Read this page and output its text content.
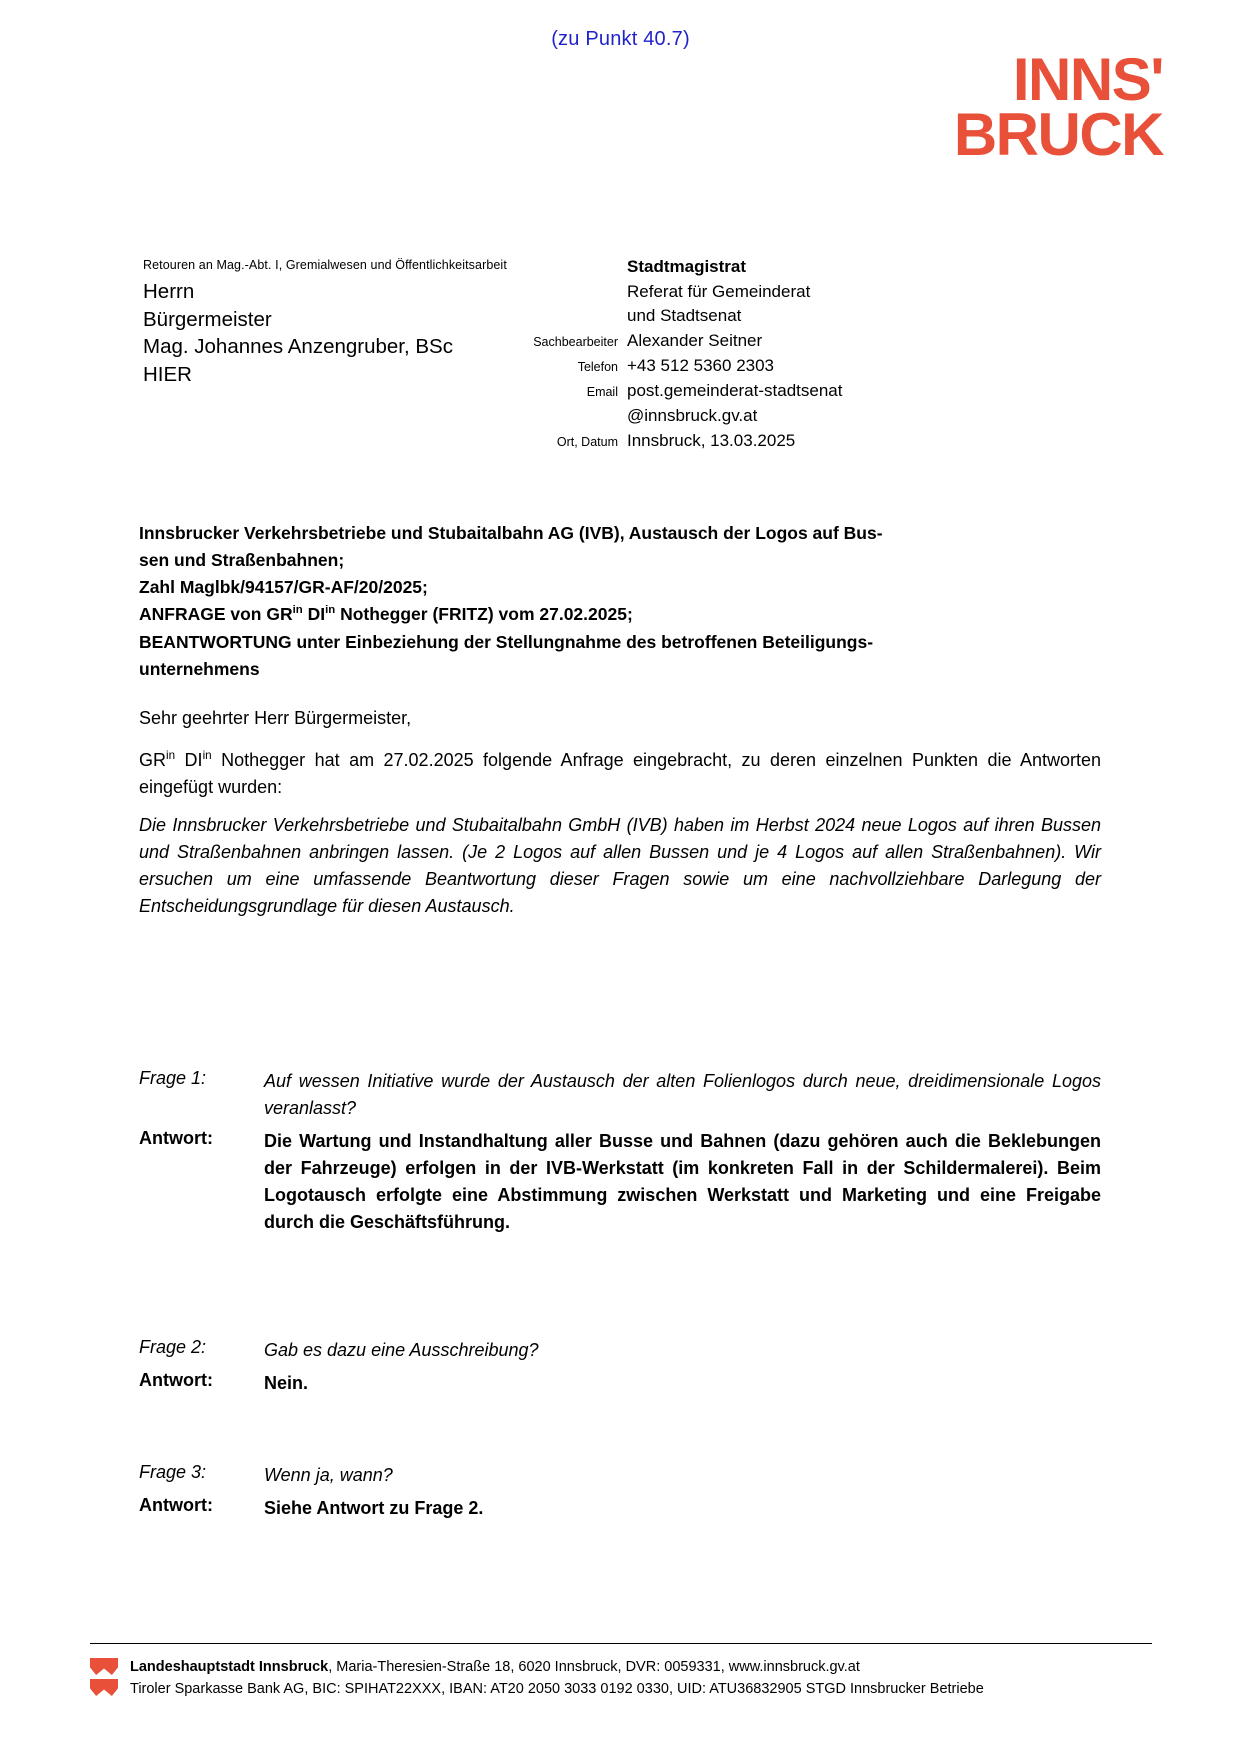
(zu Punkt 40.7)
INNS'
BRUCK
Retouren an Mag.-Abt. I, Gremialwesen und Öffentlichkeitsarbeit
Herrn
Bürgermeister
Mag. Johannes Anzengruber, BSc
HIER
Stadtmagistrat
Referat für Gemeinderat
und Stadtsenat
Sachbearbeiter Alexander Seitner
Telefon +43 512 5360 2303
Email post.gemeinderat-stadtsenat
@innsbruck.gv.at
Ort, Datum Innsbruck, 13.03.2025
Innsbrucker Verkehrsbetriebe und Stubaitalbahn AG (IVB), Austausch der Logos auf Bus-
sen und Straßenbahnen;
Zahl Maglbk/94157/GR-AF/20/2025;
ANFRAGE von $GR^{in}$ $DI^{in}$ Nothegger (FRITZ) vom 27.02.2025;
BEANTWORTUNG unter Einbeziehung der Stellungnahme des betroffenen Beteiligungs-
unternehmens
Sehr geehrter Herr Bürgermeister,
$GR^{in}$ $DI^{in}$ Nothegger hat am 27.02.2025 folgende Anfrage eingebracht, zu deren einzelnen Punkten die Antworten eingefügt wurden:
Die Innsbrucker Verkehrsbetriebe und Stubaitalbahn GmbH (IVB) haben im Herbst 2024 neue Logos auf ihren Bussen und Straßenbahnen anbringen lassen. (Je 2 Logos auf allen Bussen und je 4 Logos auf allen Straßenbahnen). Wir ersuchen um eine umfassende Beantwortung dieser Fragen sowie um eine nachvollziehbare Darlegung der Entscheidungsgrundlage für diesen Austausch.
Frage 1:	Auf wessen Initiative wurde der Austausch der alten Folienlogos durch neue, dreidimensionale Logos veranlasst?
Antwort:	Die Wartung und Instandhaltung aller Busse und Bahnen (dazu gehören auch die Beklebungen der Fahrzeuge) erfolgen in der IVB-Werkstatt (im konkreten Fall in der Schildermalerei). Beim Logotausch erfolgte eine Abstimmung zwischen Werkstatt und Marketing und eine Freigabe durch die Geschäftsführung.
Frage 2:	Gab es dazu eine Ausschreibung?
Antwort:	Nein.
Frage 3:	Wenn ja, wann?
Antwort:	Siehe Antwort zu Frage 2.
Landeshauptstadt Innsbruck, Maria-Theresien-Straße 18, 6020 Innsbruck, DVR: 0059331, www.innsbruck.gv.at
Tiroler Sparkasse Bank AG, BIC: SPIHAT22XXX, IBAN: AT20 2050 3033 0192 0330, UID: ATU36832905 STGD Innsbrucker Betriebe
